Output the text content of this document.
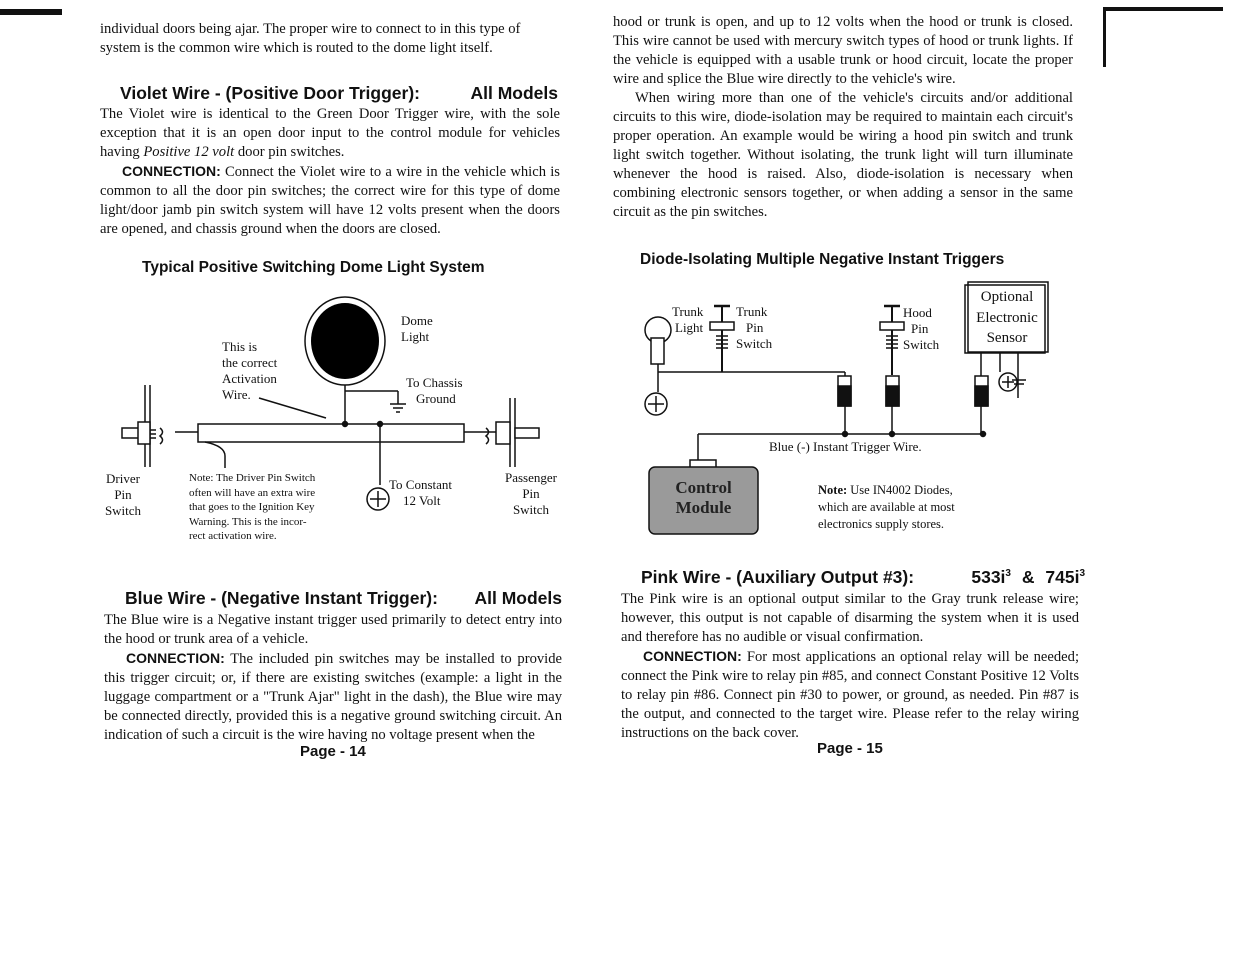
individual doors being ajar. The proper wire to connect to in this type of

system is the common wire which is routed to the dome light itself.

Violet Wire - (Positive Door Trigger):	All Models

The Violet wire is identical to the Green Door Trigger wire, with the sole exception that it is an open door input to the control module for vehicles having Positive 12 volt door pin switches.

CONNECTION: Connect the Violet wire to a wire in the vehicle which is common to all the door pin switches; the correct wire for this type of dome light/door jamb pin switch system will have 12 volts present when the doors are opened, and chassis ground when the doors are closed.

Typical Positive Switching Dome Light System
Dome
Light
This is
the correct
Activation
Wire.
To Chassis
Ground
Driver
Pin
Switch
Note: The Driver Pin Switch
often will have an extra wire
that goes to the Ignition Key
Warning. This is the incor-
rect activation wire.
To Constant
12 Volt
Passenger
Pin
Switch
Blue Wire - (Negative Instant Trigger): All Models

The Blue wire is a Negative instant trigger used primarily to detect entry into the hood or trunk area of a vehicle.

CONNECTION: The included pin switches may be installed to provide this trigger circuit; or, if there are existing switches (example: a light in the luggage compartment or a "Trunk Ajar" light in the dash), the Blue wire may be connected directly, provided this is a negative ground switching circuit. An indication of such a circuit is the wire having no voltage present when the

Page - 14

hood or trunk is open, and up to 12 volts when the hood or trunk is closed. This wire cannot be used with mercury switch types of hood or trunk lights. If the vehicle is equipped with a usable trunk or hood circuit, locate the proper wire and splice the Blue wire directly to the vehicle's wire.

When wiring more than one of the vehicle's circuits and/or additional circuits to this wire, diode-isolation may be required to maintain each circuit's proper operation. An example would be wiring a hood pin switch and trunk light switch together. Without isolating, the trunk light will turn illuminate whenever the hood is raised. Also, diode-isolation is necessary when combining electronic sensors together, or when adding a sensor in the same circuit as the pin switches.

Diode-Isolating Multiple Negative Instant Triggers
Trunk
Light
Trunk
Pin
Switch
Hood
Pin
Switch
Optional
Electronic
Sensor
Blue (-) Instant Trigger Wire.
Control
Module
Note: Use IN4002 Diodes,
which are available at most
electronics supply stores.
Pink Wire - (Auxiliary Output #3):	$533i^3$ & $745i^3$

The Pink wire is an optional output similar to the Gray trunk release wire; however, this output is not capable of disarming the system when it is used and therefore has no audible or visual confirmation.

CONNECTION: For most applications an optional relay will be needed; connect the Pink wire to relay pin #85, and connect Constant Positive 12 Volts to relay pin #86. Connect pin #30 to power, or ground, as needed. Pin #87 is the output, and connected to the target wire. Please refer to the relay wiring instructions on the back cover.

Page - 15
